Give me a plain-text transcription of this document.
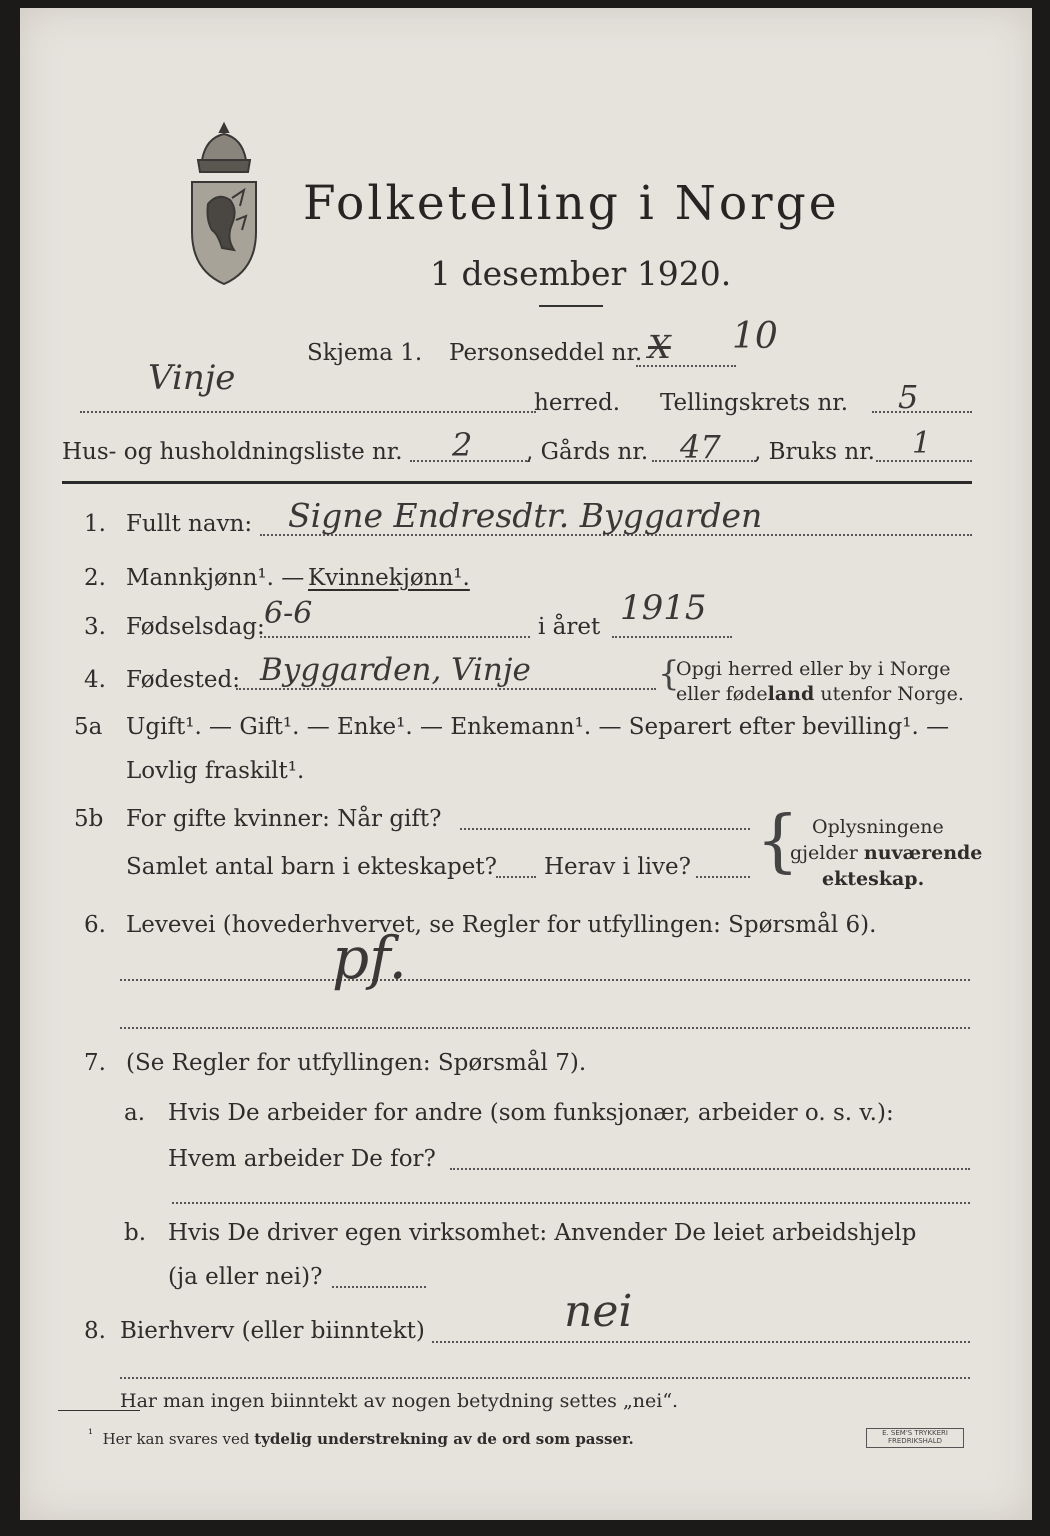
Folketelling i Norge
1 desember 1920.
Skjema 1. Personseddel nr. X 10
Vinje
herred. Tellingskrets nr. 5
Hus- og husholdningsliste nr. 2 , Gårds nr. 47 , Bruks nr. 1
1. Fullt navn: Signe Endresdtr. Byggarden
2. Mannkjønn¹. — Kvinnekjønn¹.
3. Fødselsdag: 6-6	i året 1915
4. Fødested: Byggarden, Vinje	{
Opgi herred eller by i Norge
eller fødeland utenfor Norge.
5a Ugift¹. — Gift¹. — Enke¹. — Enkemann¹. — Separert efter bevilling¹. —
Lovlig fraskilt¹.
5b For gifte kvinner: Når gift?
Samlet antal barn i ekteskapet? Herav i live? { Oplysningene
gjelder nuværende
ekteskap.
6. Levevei (hovederhvervet, se Regler for utfyllingen: Spørsmål 6).
pf.
7. (Se Regler for utfyllingen: Spørsmål 7).
a. Hvis De arbeider for andre (som funksjonær, arbeider o. s. v.):
Hvem arbeider De for?
b. Hvis De driver egen virksomhet: Anvender De leiet arbeidshjelp
(ja eller nei)?
8. Bierhverv (eller biinntekt)	nei
Har man ingen biinntekt av nogen betydning settes „nei“.
$^{^1}$ Her kan svares ved tydelig understrekning av de ord som passer.	E. SEM'S TRYKKERI FREDRIKSHALD
